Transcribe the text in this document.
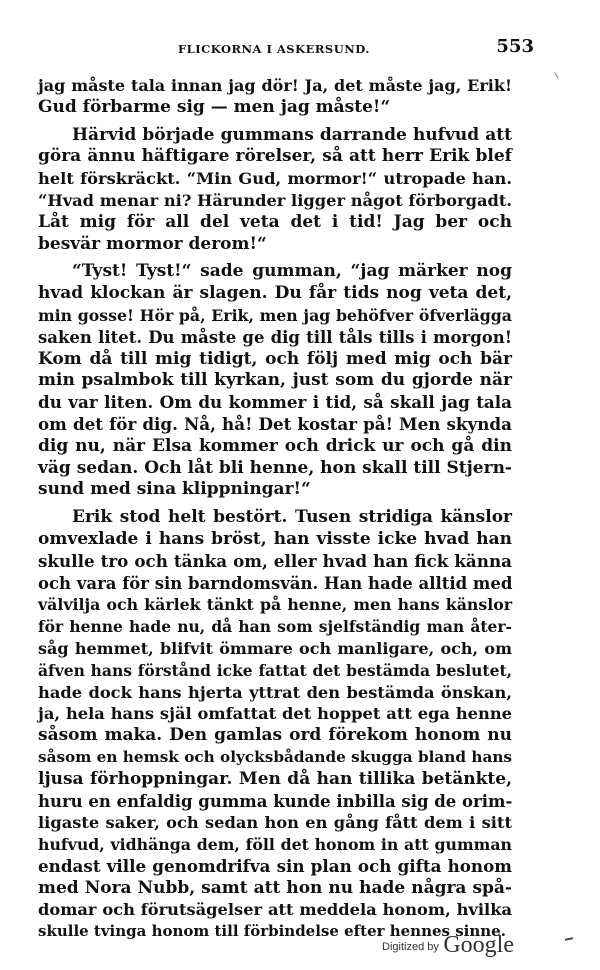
FLICKORNA I ASKERSUND.	553
jag måste tala innan jag dör! Ja, det måste jag, Erik!
Gud förbarme sig — men jag måste!“
Härvid började gummans darrande hufvud att
göra ännu häftigare rörelser, så att herr Erik blef
helt förskräckt. “Min Gud, mormor!“ utropade han.
“Hvad menar ni? Härunder ligger något förborgadt.
Låt mig för all del veta det i tid! Jag ber och
besvär mormor derom!“
“Tyst! Tyst!“ sade gumman, “jag märker nog
hvad klockan är slagen. Du får tids nog veta det,
min gosse! Hör på, Erik, men jag behöfver öfverlägga
saken litet. Du måste ge dig till tåls tills i morgon!
Kom då till mig tidigt, och följ med mig och bär
min psalmbok till kyrkan, just som du gjorde när
du var liten. Om du kommer i tid, så skall jag tala
om det för dig. Nå, hå! Det kostar på! Men skynda
dig nu, när Elsa kommer och drick ur och gå din
väg sedan. Och låt bli henne, hon skall till Stjern-
sund med sina klippningar!“
Erik stod helt bestört. Tusen stridiga känslor
omvexlade i hans bröst, han visste icke hvad han
skulle tro och tänka om, eller hvad han fick känna
och vara för sin barndomsvän. Han hade alltid med
välvilja och kärlek tänkt på henne, men hans känslor
för henne hade nu, då han som sjelfständig man åter-
såg hemmet, blifvit ömmare och manligare, och, om
äfven hans förstånd icke fattat det bestämda beslutet,
hade dock hans hjerta yttrat den bestämda önskan,
ja, hela hans själ omfattat det hoppet att ega henne
såsom maka. Den gamlas ord förekom honom nu
såsom en hemsk och olycksbådande skugga bland hans
ljusa förhoppningar. Men då han tillika betänkte,
huru en enfaldig gumma kunde inbilla sig de orim-
ligaste saker, och sedan hon en gång fått dem i sitt
hufvud, vidhänga dem, föll det honom in att gumman
endast ville genomdrifva sin plan och gifta honom
med Nora Nubb, samt att hon nu hade några spå-
domar och förutsägelser att meddela honom, hvilka
skulle tvinga honom till förbindelse efter hennes sinne.
Digitized by Google
